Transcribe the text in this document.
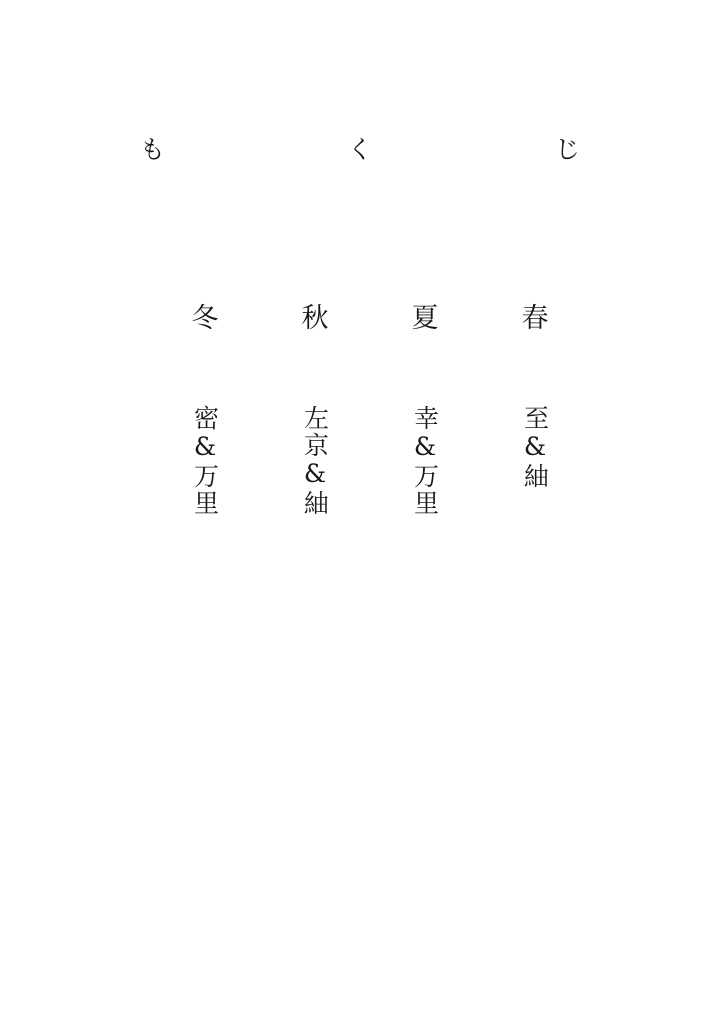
も	く	じ
春
至&紬
夏
幸&万里
秋
左京&紬
冬
密&万里
